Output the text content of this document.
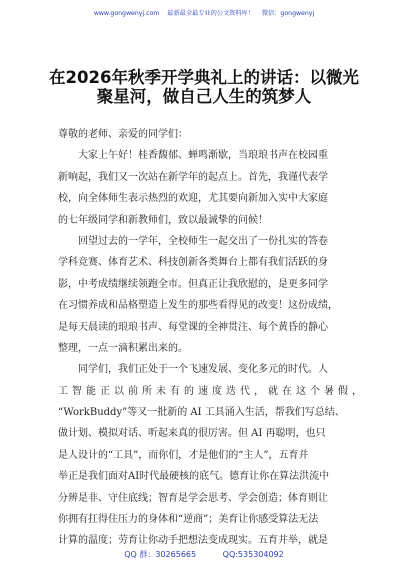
www.gongwenyj.com 最新最全最专业的公文资料库！ 微信：gongwenyj
在2026年秋季开学典礼上的讲话：以微光
聚星河，做自己人生的筑梦人
尊敬的老师、亲爱的同学们：
大家上午好！桂香馥郁、蝉鸣渐歇，当琅琅书声在校园重
新响起，我们又一次站在新学年的起点上。首先，我谨代表学
校，向全体师生表示热烈的欢迎，尤其要向新加入实中大家庭
的七年级同学和新教师们，致以最诚挚的问候！
回望过去的一学年，全校师生一起交出了一份扎实的答卷
学科竞赛、体育艺术、科技创新各类舞台上都有我们活跃的身
影，中考成绩继续领跑全市。但真正让我欣慰的，是更多同学
在习惯养成和品格塑造上发生的那些看得见的改变！这份成绩，
是每天晨读的琅琅书声、每堂课的全神贯注、每个黄昏的静心
整理，一点一滴积累出来的。
同学们，我们正处于一个飞速发展、变化多元的时代。人
工智能正以前所未有的速度迭代，就在这个暑假，
“WorkBuddy”等又一批新的 AI 工具涌入生活，帮我们写总结、
做计划、模拟对话、听起来真的很厉害。但 AI 再聪明，也只
是人设计的“工具”，而你们，才是他们的“主人”，五育并
举正是我们面对AI时代最硬核的底气。德育让你在算法洪流中
分辨是非、守住底线；智育是学会思考、学会创造；体育则让
你拥有扛得住压力的身体和“逆商”；美育让你感受算法无法
计算的温度；劳育让你动手把想法变成现实。五育并举，就是
QQ 群：30265665	QQ:535304092
